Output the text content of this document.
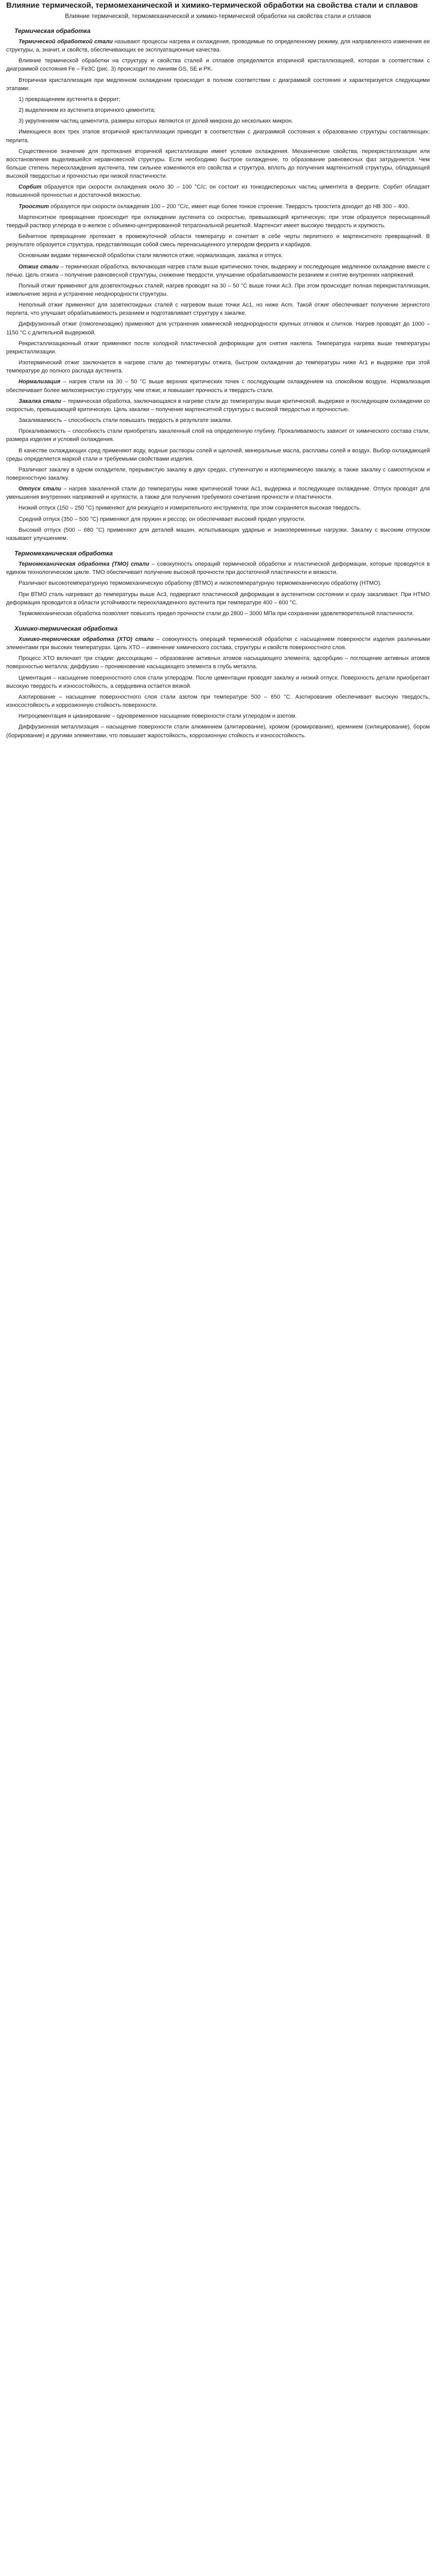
Влияние термической, термомеханической и химико-термической обработки на свойства стали и сплавов
Влияние термической, термомеханической и химико-термической обработки на свойства стали и сплавов
Термическая обработка

Термической обработкой стали называют процессы нагрева и охлаждения, проводимые по определенному режиму, для направленного изменения ее структуры, а, значит, и свойств, обеспечивающих ее эксплуатационные качества.

Влияние термической обработки на структуру и свойства сталей и сплавов определяется вторичной кристаллизацией, которая в соответствии с диаграммой состояния Fe – Fe3C (рис. 3) происходит по линиям GS, SE и PK.

Вторичная кристаллизация при медленном охлаждении происходит в полном соответствии с диаграммой состояния и характеризуется следующими этапами:

1) превращением аустенита в феррит;

2) выделением из аустенита вторичного цементита;

3) укрупнением частиц цементита, размеры которых являются от долей микрона до нескольких микрон.

Имеющиеся всех трех этапов вторичной кристаллизации приводит в соответствии с диаграммой состояния к образованию структуры составляющих: перлита.

Существенное значение для протекания вторичной кристаллизации имеет условие охлаждения. Механические свойства, перекристаллизации или восстановления выделившейся неравновесной структуры. Если необходимо быстрое охлаждение, то образование равновесных фаз затрудняется. Чем больше степень переохлаждения аустенита, тем сильнее изменяются его свойства и структура, вплоть до получения мартенситной структуры, обладающей высокой твердостью и прочностью при низкой пластичности.

Сорбит образуется при скорости охлаждения около 30 – 100 °С/с; он состоит из тонкодисперсных частиц цементита в феррите. Сорбит обладает повышенной прочностью и достаточной вязкостью.

Троостит образуется при скорости охлаждения 100 – 200 °С/с, имеет еще более тонкое строение. Твердость троостита доходит до НВ 300 – 400.

Мартенситное превращение происходит при охлаждении аустенита со скоростью, превышающей критическую; при этом образуется пересыщенный твердый раствор углерода в α-железе с объемно-центрированной тетрагональной решеткой. Мартенсит имеет высокую твердость и хрупкость.

Бейнитное превращение протекает в промежуточной области температур и сочетает в себе черты перлитного и мартенситного превращений. В результате образуется структура, представляющая собой смесь перенасыщенного углеродом феррита и карбидов.

Основными видами термической обработки стали являются отжиг, нормализация, закалка и отпуск.

Отжиг стали – термическая обработка, включающая нагрев стали выше критических точек, выдержку и последующее медленное охлаждение вместе с печью. Цель отжига – получение равновесной структуры, снижение твердости, улучшение обрабатываемости резанием и снятие внутренних напряжений.

Полный отжиг применяют для доэвтектоидных сталей; нагрев проводят на 30 – 50 °С выше точки Ас3. При этом происходит полная перекристаллизация, измельчение зерна и устранение неоднородности структуры.

Неполный отжиг применяют для заэвтектоидных сталей с нагревом выше точки Ас1, но ниже Асm. Такой отжиг обеспечивает получение зернистого перлита, что улучшает обрабатываемость резанием и подготавливает структуру к закалке.

Диффузионный отжиг (гомогенизацию) применяют для устранения химической неоднородности крупных отливок и слитков. Нагрев проводят до 1000 – 1150 °С с длительной выдержкой.

Рекристаллизационный отжиг применяют после холодной пластической деформации для снятия наклепа. Температура нагрева выше температуры рекристаллизации.

Изотермический отжиг заключается в нагреве стали до температуры отжига, быстром охлаждении до температуры ниже Ar1 и выдержке при этой температуре до полного распада аустенита.

Нормализация – нагрев стали на 30 – 50 °С выше верхних критических точек с последующим охлаждением на спокойном воздухе. Нормализация обеспечивает более мелкозернистую структуру, чем отжиг, и повышает прочность и твердость стали.

Закалка стали – термическая обработка, заключающаяся в нагреве стали до температуры выше критической, выдержке и последующем охлаждении со скоростью, превышающей критическую. Цель закалки – получение мартенситной структуры с высокой твердостью и прочностью.

Закаливаемость – способность стали повышать твердость в результате закалки.

Прокаливаемость – способность стали приобретать закаленный слой на определенную глубину. Прокаливаемость зависит от химического состава стали, размера изделия и условий охлаждения.

В качестве охлаждающих сред применяют воду, водные растворы солей и щелочей, минеральные масла, расплавы солей и воздух. Выбор охлаждающей среды определяется маркой стали и требуемыми свойствами изделия.

Различают закалку в одном охладителе, прерывистую закалку в двух средах, ступенчатую и изотермическую закалку, а также закалку с самоотпуском и поверхностную закалку.

Отпуск стали – нагрев закаленной стали до температуры ниже критической точки Ас1, выдержка и последующее охлаждение. Отпуск проводят для уменьшения внутренних напряжений и хрупкости, а также для получения требуемого сочетания прочности и пластичности.

Низкий отпуск (150 – 250 °С) применяют для режущего и измерительного инструмента; при этом сохраняется высокая твердость.

Средний отпуск (350 – 500 °С) применяют для пружин и рессор; он обеспечивает высокий предел упругости.

Высокий отпуск (500 – 680 °С) применяют для деталей машин, испытывающих ударные и знакопеременные нагрузки. Закалку с высоким отпуском называют улучшением.

Термомеханическая обработка

Термомеханическая обработка (ТМО) стали – совокупность операций термической обработки и пластической деформации, которые проводятся в едином технологическом цикле. ТМО обеспечивает получение высокой прочности при достаточной пластичности и вязкости.

Различают высокотемпературную термомеханическую обработку (ВТМО) и низкотемпературную термомеханическую обработку (НТМО).

При ВТМО сталь нагревают до температуры выше Ас3, подвергают пластической деформации в аустенитном состоянии и сразу закаливают. При НТМО деформация проводится в области устойчивости переохлажденного аустенита при температуре 400 – 600 °С.

Термомеханическая обработка позволяет повысить предел прочности стали до 2800 – 3000 МПа при сохранении удовлетворительной пластичности.

Химико-термическая обработка

Химико-термическая обработка (ХТО) стали – совокупность операций термической обработки с насыщением поверхности изделия различными элементами при высоких температурах. Цель ХТО – изменение химического состава, структуры и свойств поверхностного слоя.

Процесс ХТО включает три стадии: диссоциацию – образование активных атомов насыщающего элемента; адсорбцию – поглощение активных атомов поверхностью металла; диффузию – проникновение насыщающего элемента в глубь металла.

Цементация – насыщение поверхностного слоя стали углеродом. После цементации проводят закалку и низкий отпуск. Поверхность детали приобретает высокую твердость и износостойкость, а сердцевина остается вязкой.

Азотирование – насыщение поверхностного слоя стали азотом при температуре 500 – 650 °С. Азотирование обеспечивает высокую твердость, износостойкость и коррозионную стойкость поверхности.

Нитроцементация и цианирование – одновременное насыщение поверхности стали углеродом и азотом.

Диффузионная металлизация – насыщение поверхности стали алюминием (алитирование), хромом (хромирование), кремнием (силицирование), бором (борирование) и другими элементами, что повышает жаростойкость, коррозионную стойкость и износостойкость.
